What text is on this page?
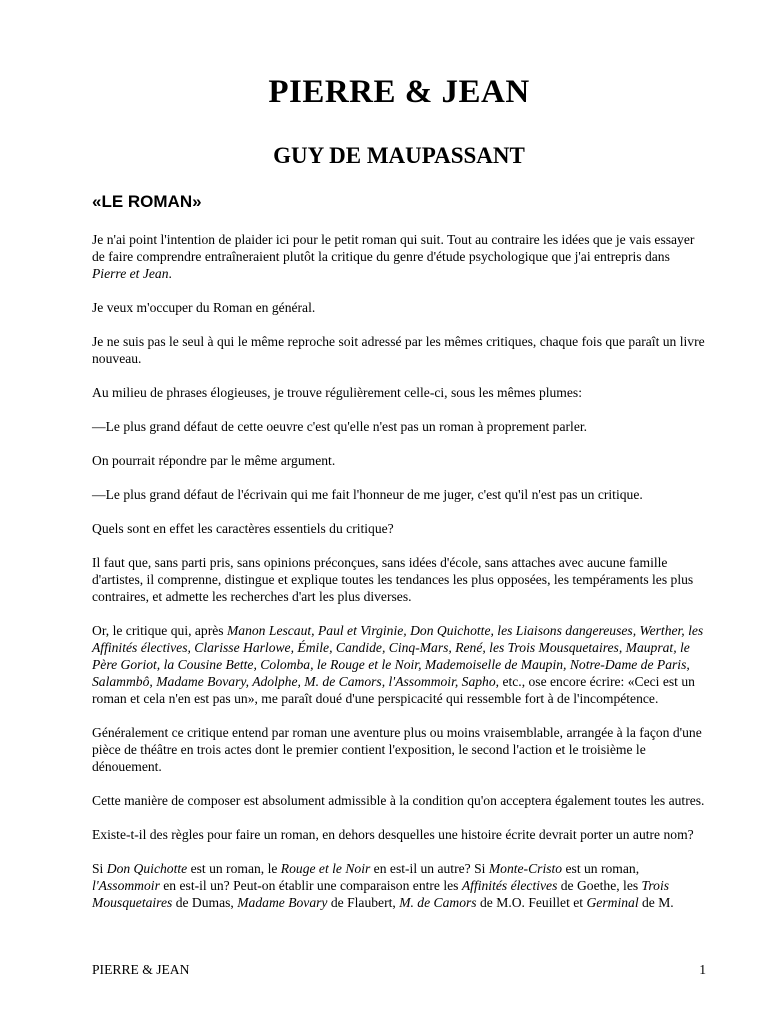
PIERRE & JEAN
GUY DE MAUPASSANT
«LE ROMAN»

Je n'ai point l'intention de plaider ici pour le petit roman qui suit. Tout au contraire les idées que je vais essayer de faire comprendre entraîneraient plutôt la critique du genre d'étude psychologique que j'ai entrepris dans Pierre et Jean.

Je veux m'occuper du Roman en général.

Je ne suis pas le seul à qui le même reproche soit adressé par les mêmes critiques, chaque fois que paraît un livre nouveau.

Au milieu de phrases élogieuses, je trouve régulièrement celle-ci, sous les mêmes plumes:

—Le plus grand défaut de cette oeuvre c'est qu'elle n'est pas un roman à proprement parler.

On pourrait répondre par le même argument.

—Le plus grand défaut de l'écrivain qui me fait l'honneur de me juger, c'est qu'il n'est pas un critique.

Quels sont en effet les caractères essentiels du critique?

Il faut que, sans parti pris, sans opinions préconçues, sans idées d'école, sans attaches avec aucune famille d'artistes, il comprenne, distingue et explique toutes les tendances les plus opposées, les tempéraments les plus contraires, et admette les recherches d'art les plus diverses.

Or, le critique qui, après Manon Lescaut, Paul et Virginie, Don Quichotte, les Liaisons dangereuses, Werther, les Affinités électives, Clarisse Harlowe, Émile, Candide, Cinq-Mars, René, les Trois Mousquetaires, Mauprat, le Père Goriot, la Cousine Bette, Colomba, le Rouge et le Noir, Mademoiselle de Maupin, Notre-Dame de Paris, Salammbô, Madame Bovary, Adolphe, M. de Camors, l'Assommoir, Sapho, etc., ose encore écrire: «Ceci est un roman et cela n'en est pas un», me paraît doué d'une perspicacité qui ressemble fort à de l'incompétence.

Généralement ce critique entend par roman une aventure plus ou moins vraisemblable, arrangée à la façon d'une pièce de théâtre en trois actes dont le premier contient l'exposition, le second l'action et le troisième le dénouement.

Cette manière de composer est absolument admissible à la condition qu'on acceptera également toutes les autres.

Existe-t-il des règles pour faire un roman, en dehors desquelles une histoire écrite devrait porter un autre nom?

Si Don Quichotte est un roman, le Rouge et le Noir en est-il un autre? Si Monte-Cristo est un roman, l'Assommoir en est-il un? Peut-on établir une comparaison entre les Affinités électives de Goethe, les Trois Mousquetaires de Dumas, Madame Bovary de Flaubert, M. de Camors de M.O. Feuillet et Germinal de M.

PIERRE & JEAN	1
